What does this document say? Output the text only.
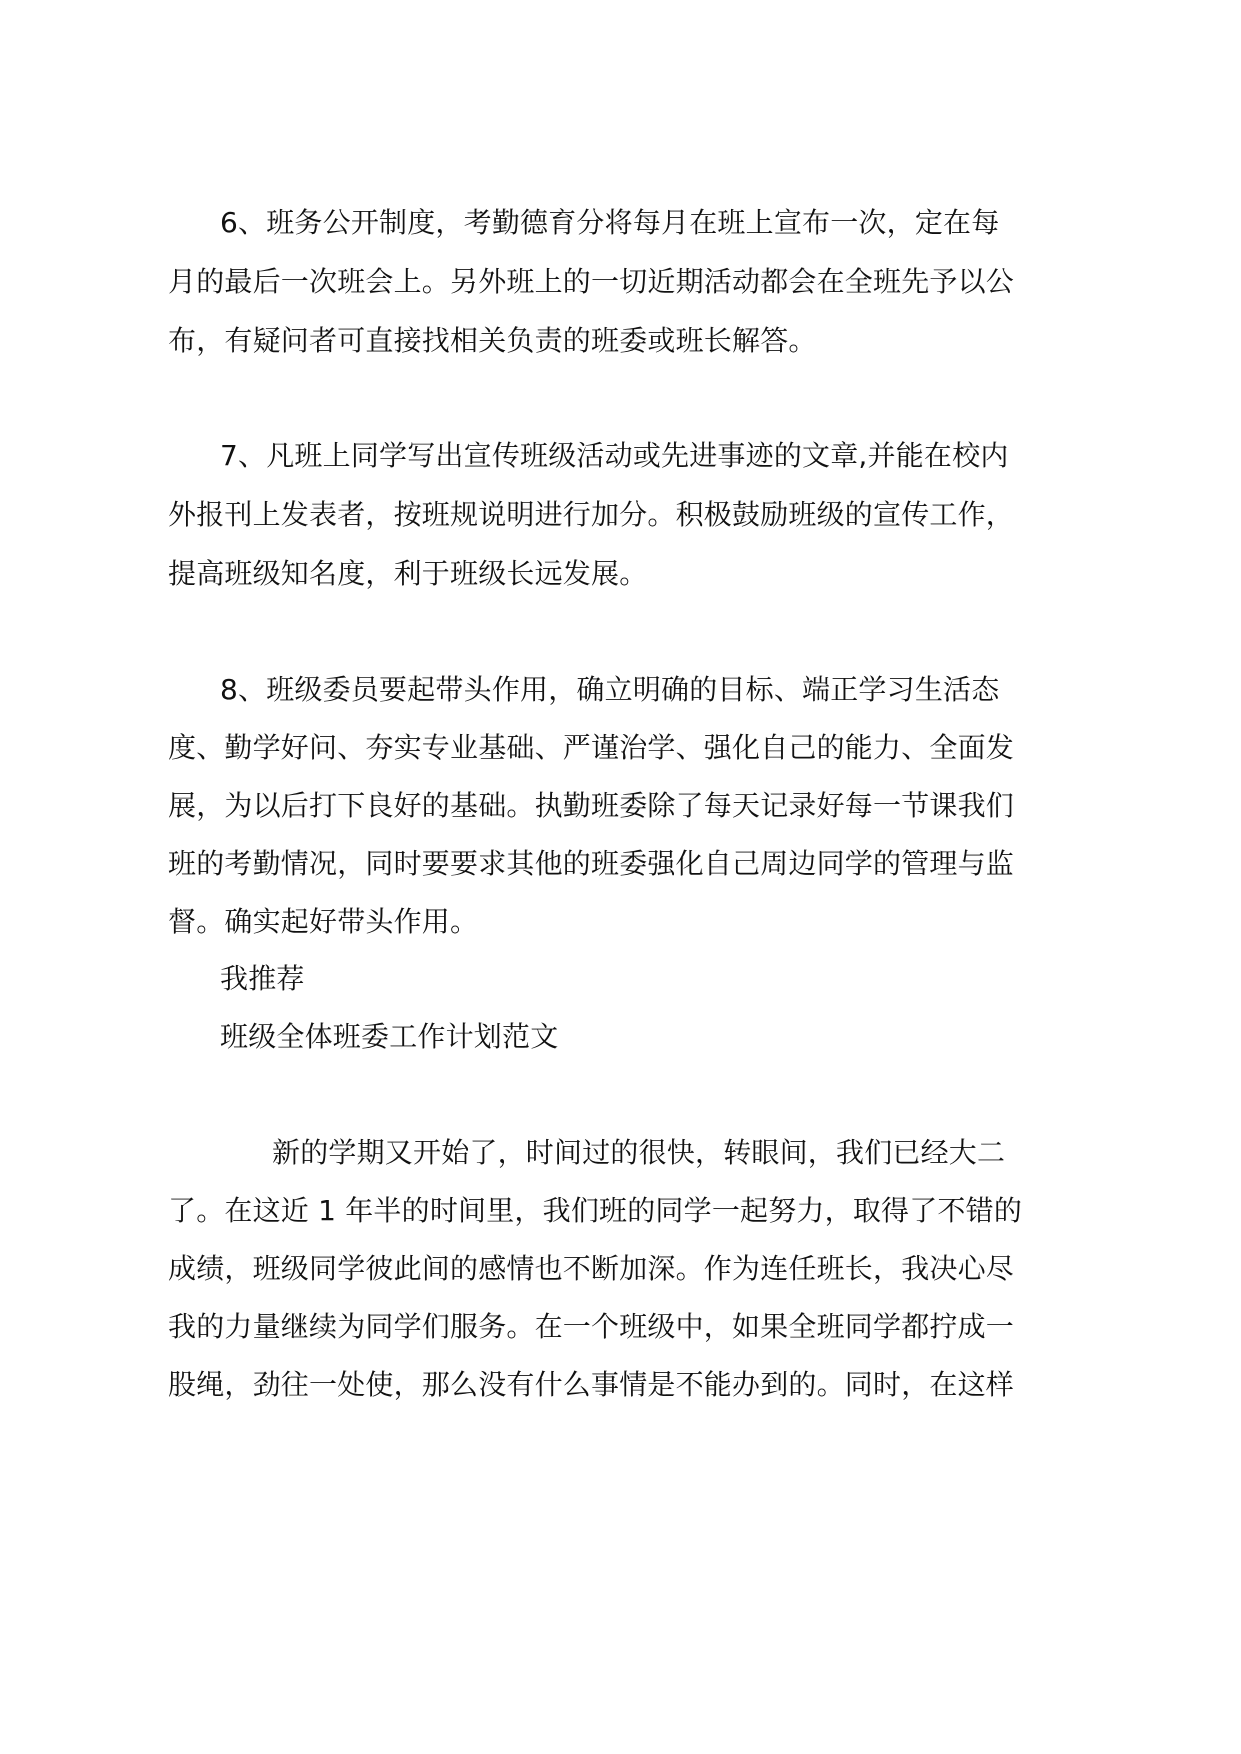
6、班务公开制度，考勤德育分将每月在班上宣布一次，定在每
月的最后一次班会上。另外班上的一切近期活动都会在全班先予以公
布，有疑问者可直接找相关负责的班委或班长解答。
7、凡班上同学写出宣传班级活动或先进事迹的文章,并能在校内
外报刊上发表者，按班规说明进行加分。积极鼓励班级的宣传工作，
提高班级知名度，利于班级长远发展。
8、班级委员要起带头作用，确立明确的目标、端正学习生活态
度、勤学好问、夯实专业基础、严谨治学、强化自己的能力、全面发
展，为以后打下良好的基础。执勤班委除了每天记录好每一节课我们
班的考勤情况，同时要要求其他的班委强化自己周边同学的管理与监
督。确实起好带头作用。
我推荐
班级全体班委工作计划范文
新的学期又开始了，时间过的很快，转眼间，我们已经大二
了。在这近 1 年半的时间里，我们班的同学一起努力，取得了不错的
成绩，班级同学彼此间的感情也不断加深。作为连任班长，我决心尽
我的力量继续为同学们服务。在一个班级中，如果全班同学都拧成一
股绳，劲往一处使，那么没有什么事情是不能办到的。同时，在这样
